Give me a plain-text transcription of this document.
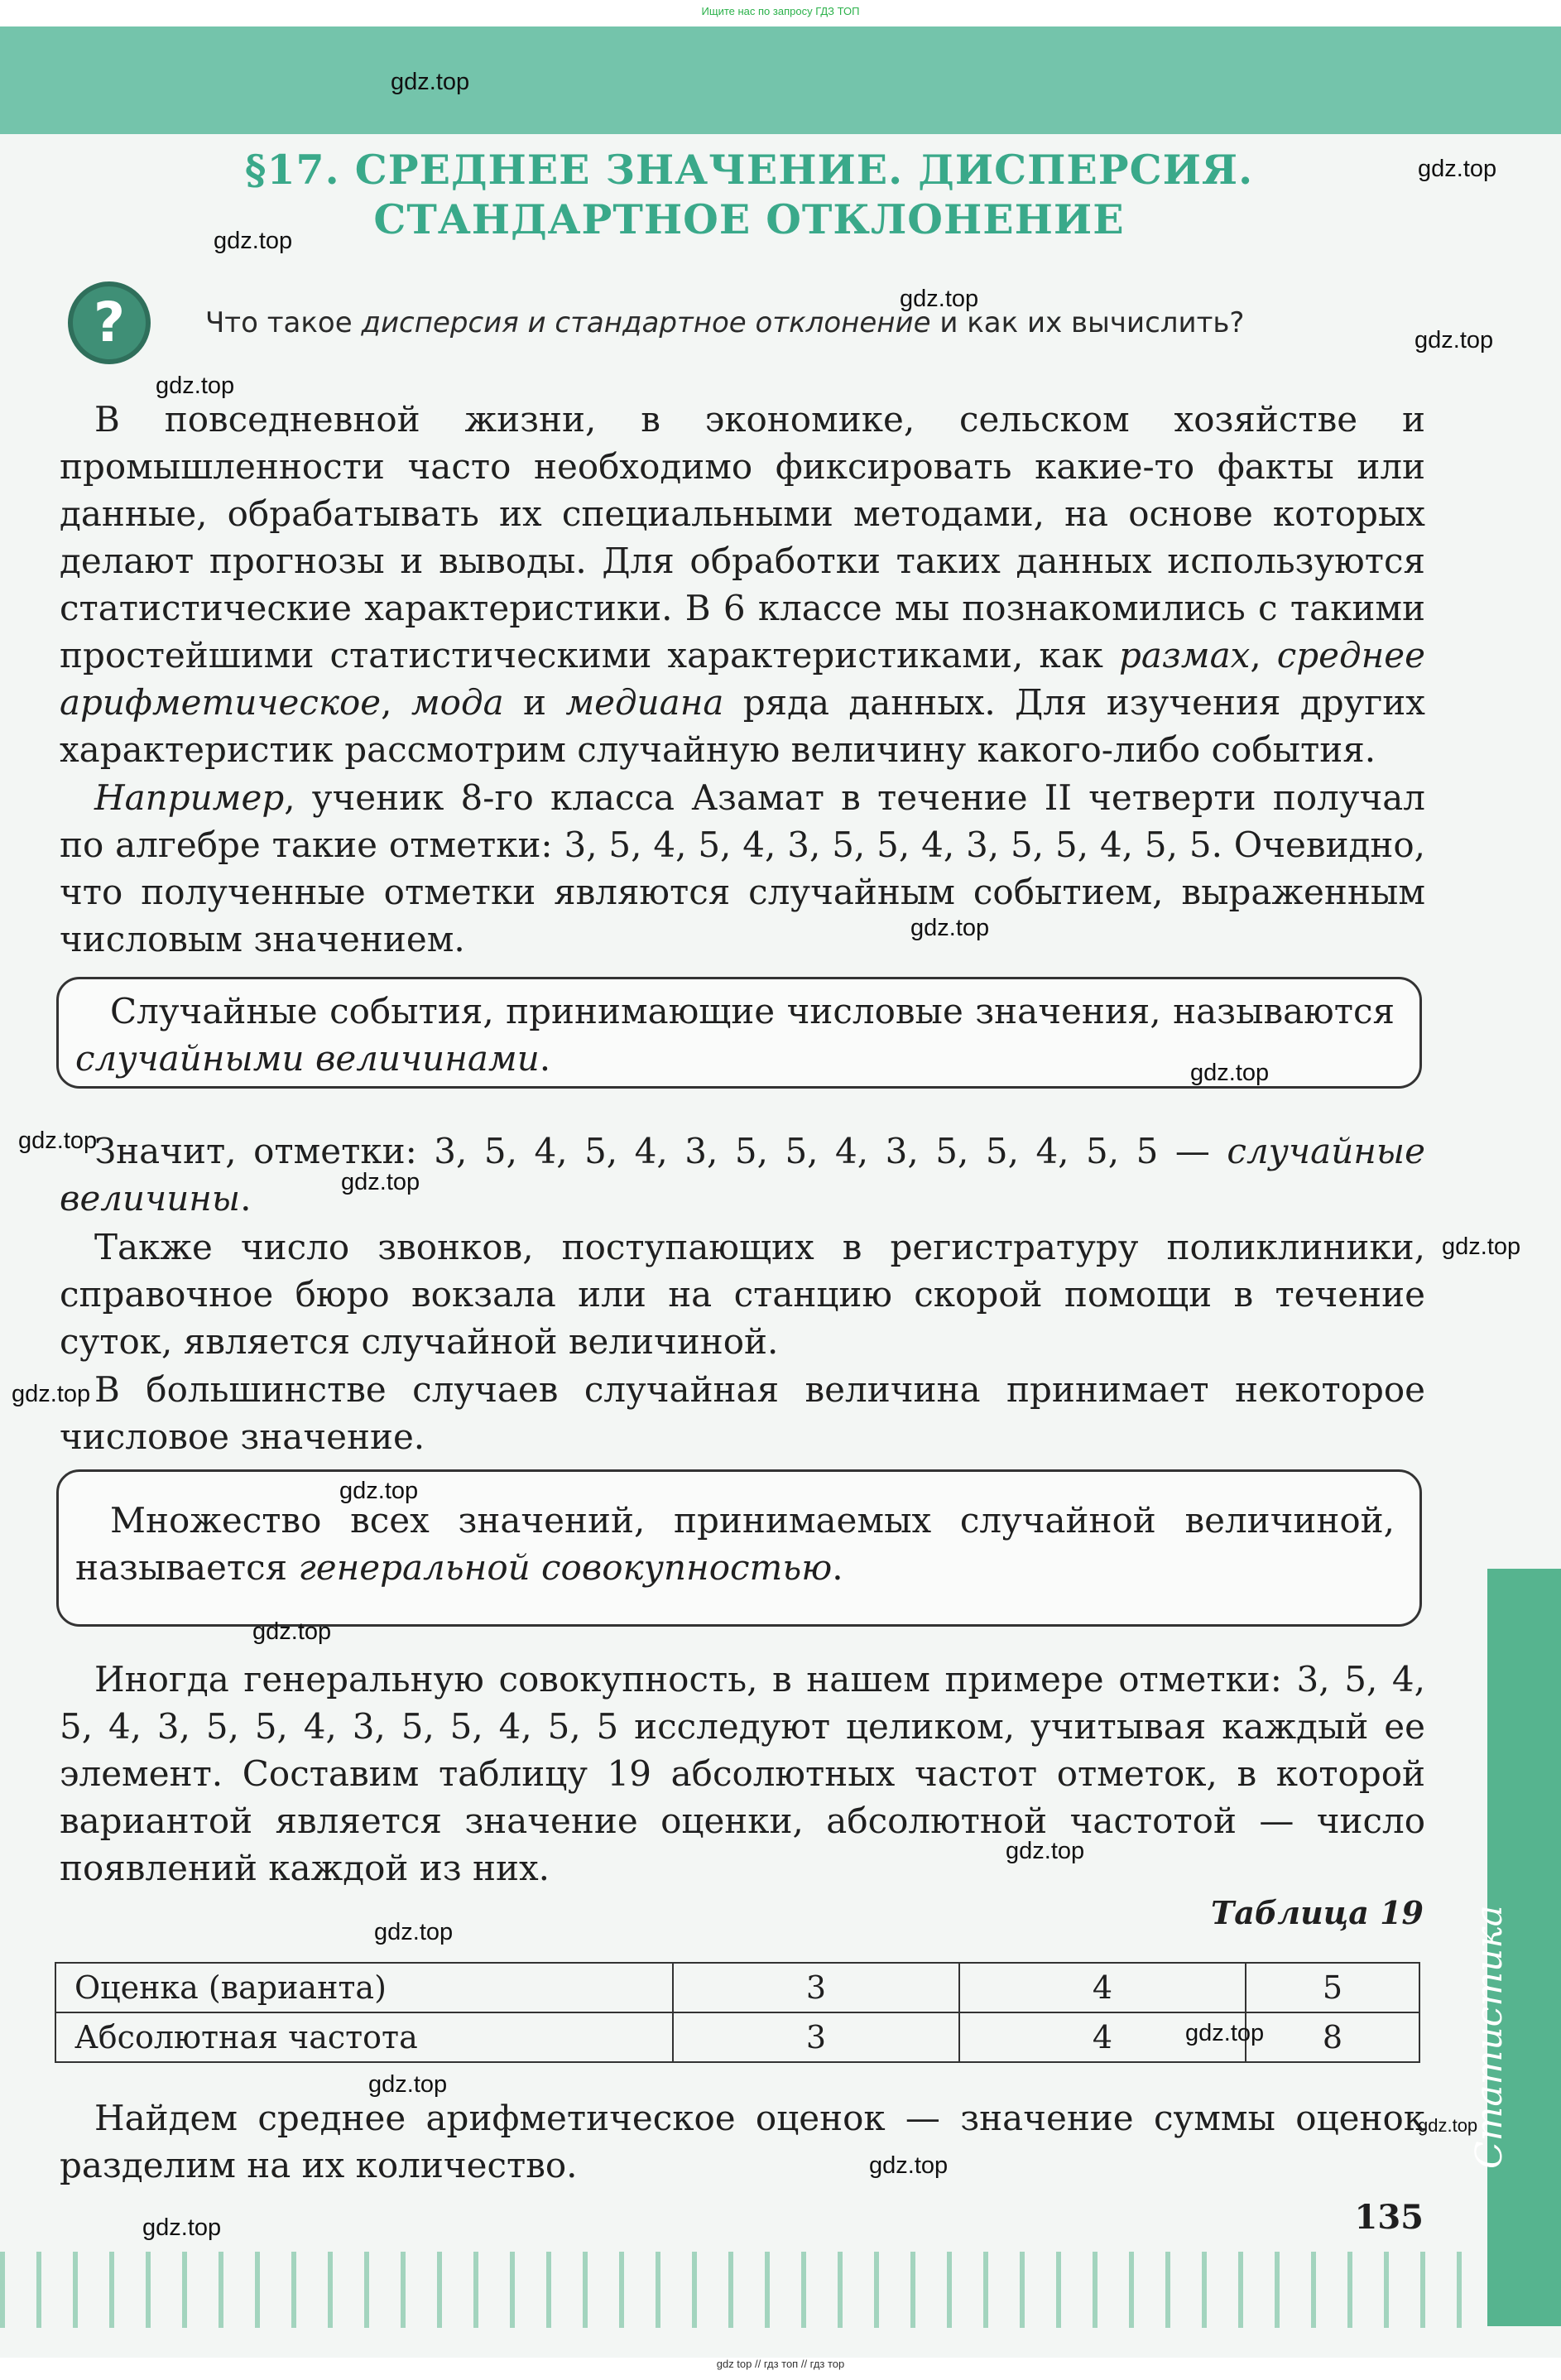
Ищите нас по запросу ГДЗ ТОП
Статистика
§17. СРЕДНЕЕ ЗНАЧЕНИЕ. ДИСПЕРСИЯ. СТАНДАРТНОЕ ОТКЛОНЕНИЕ
?	Что такое дисперсия и стандартное отклонение и как их вычислить?
 В повседневной жизни, в экономике, сельском хозяйстве и промышленности часто необходимо фиксировать какие-то факты или данные, обрабатывать их специальными методами, на основе которых делают прогнозы и выводы. Для обработки таких данных используются статистические характеристики. В 6 классе мы познакомились с такими простейшими статистическими характеристиками, как размах, среднее арифметическое, мода и медиана ряда данных. Для изучения других характеристик рассмотрим случайную величину какого-либо события.
 Например, ученик 8-го класса Азамат в течение II четверти получал по алгебре такие отметки: 3, 5, 4, 5, 4, 3, 5, 5, 4, 3, 5, 5, 4, 5, 5. Очевидно, что полученные отметки являются случайным событием, выраженным числовым значением.
 Случайные события, принимающие числовые значения, называются случайными величинами.
 Значит, отметки: 3, 5, 4, 5, 4, 3, 5, 5, 4, 3, 5, 5, 4, 5, 5 — случайные величины.
 Также число звонков, поступающих в регистратуру поликлиники, справочное бюро вокзала или на станцию скорой помощи в течение суток, является случайной величиной.
 В большинстве случаев случайная величина принимает некоторое числовое значение.
 Множество всех значений, принимаемых случайной величиной, называется генеральной совокупностью.
 Иногда генеральную совокупность, в нашем примере отметки: 3, 5, 4, 5, 4, 3, 5, 5, 4, 3, 5, 5, 4, 5, 5 исследуют целиком, учитывая каждый ее элемент. Составим таблицу 19 абсолютных частот отметок, в которой вариантой является значение оценки, абсолютной частотой — число появлений каждой из них.
Таблица 19
Оценка (варианта)	3	4	5
Абсолютная частота	3	4	8
 Найдем среднее арифметическое оценок — значение суммы оценок разделим на их количество.
135
gdz.top
gdz.top
gdz.top
gdz.top
gdz.top
gdz.top
gdz.top
gdz.top
gdz.top
gdz.top
gdz.top
gdz.top
gdz.top
gdz.top
gdz.top
gdz.top
gdz.top
gdz.top
gdz.top
gdz.top
gdz.top
gdz top // гдз топ // гдз тор
